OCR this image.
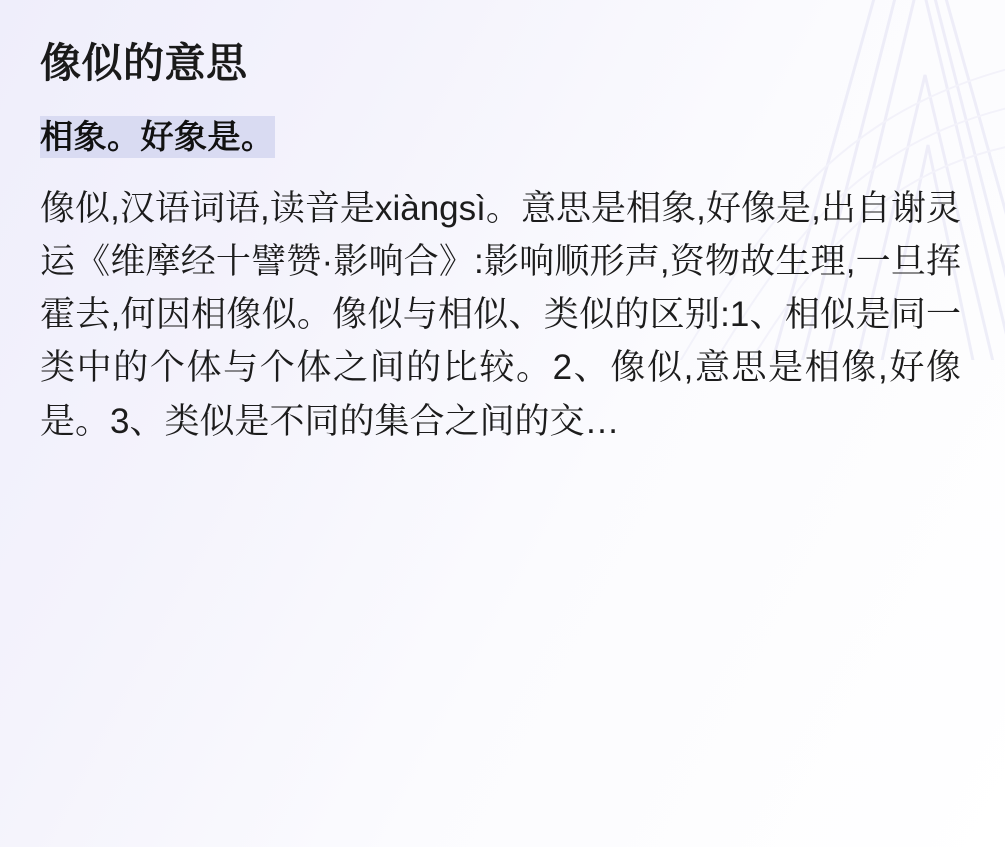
像似的意思
相象。好象是。

像似,汉语词语,读音是xiàngsì。意思是相象,好像是,出自谢灵运《维摩经十譬赞·影响合》:影响顺形声,资物故生理,一旦挥霍去,何因相像似。像似与相似、类似的区别:1、相似是同一类中的个体与个体之间的比较。2、像似,意思是相像,好像是。3、类似是不同的集合之间的交…
